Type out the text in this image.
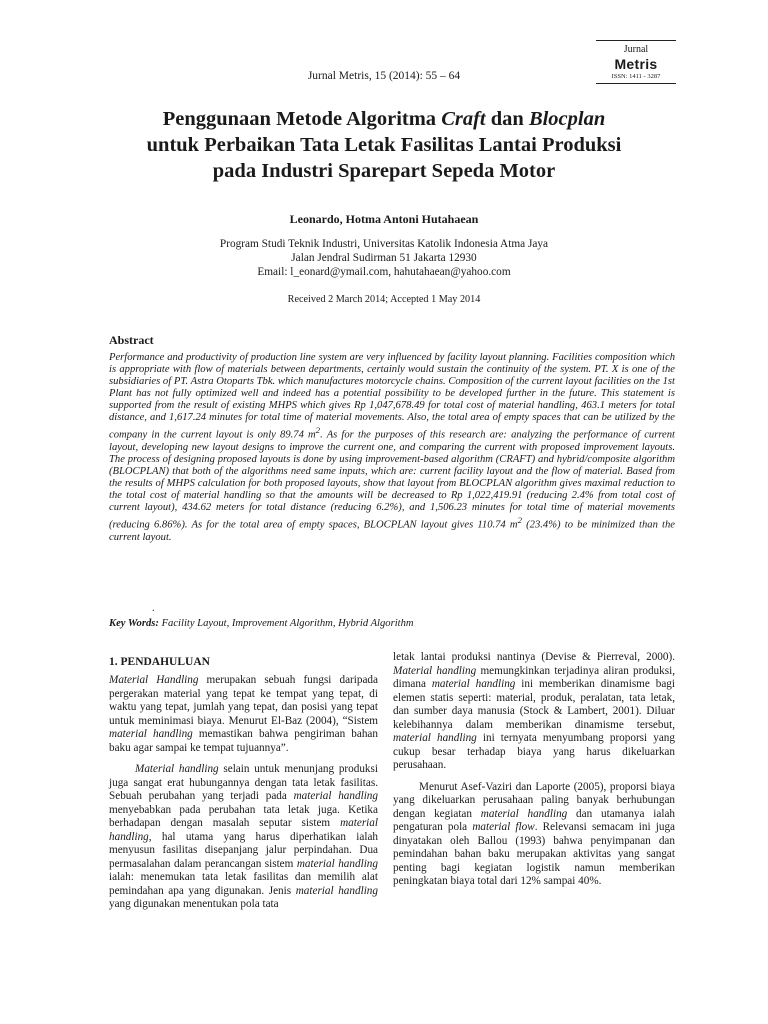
Jurnal
Metris
ISSN: 1411 - 3287
Jurnal Metris, 15 (2014): 55 – 64
Penggunaan Metode Algoritma Craft dan Blocplan
untuk Perbaikan Tata Letak Fasilitas Lantai Produksi
pada Industri Sparepart Sepeda Motor
Leonardo, Hotma Antoni Hutahaean
Program Studi Teknik Industri, Universitas Katolik Indonesia Atma Jaya
Jalan Jendral Sudirman 51 Jakarta 12930
Email: l_eonard@ymail.com, hahutahaean@yahoo.com
Received 2 March 2014; Accepted 1 May 2014
Abstract
Performance and productivity of production line system are very influenced by facility layout planning. Facilities composition which is appropriate with flow of materials between departments, certainly would sustain the continuity of the system. PT. X is one of the subsidiaries of PT. Astra Otoparts Tbk. which manufactures motorcycle chains. Composition of the current layout facilities on the 1st Plant has not fully optimized well and indeed has a potential possibility to be developed further in the future. This statement is supported from the result of existing MHPS which gives Rp 1,047,678.49 for total cost of material handling, 463.1 meters for total distance, and 1,617.24 minutes for total time of material movements. Also, the total area of empty spaces that can be utilized by the company in the current layout is only 89.74 $m^2$. As for the purposes of this research are: analyzing the performance of current layout, developing new layout designs to improve the current one, and comparing the current with proposed improvement layouts. The process of designing proposed layouts is done by using improvement-based algorithm (CRAFT) and hybrid/composite algorithm (BLOCPLAN) that both of the algorithms need same inputs, which are: current facility layout and the flow of material. Based from the results of MHPS calculation for both proposed layouts, show that layout from BLOCPLAN algorithm gives maximal reduction to the total cost of material handling so that the amounts will be decreased to Rp 1,022,419.91 (reducing 2.4% from total cost of current layout), 434.62 meters for total distance (reducing 6.2%), and 1,506.23 minutes for total time of material movements (reducing 6.86%). As for the total area of empty spaces, BLOCPLAN layout gives 110.74 $m^2$ (23.4%) to be minimized than the current layout.
.
Key Words: Facility Layout, Improvement Algorithm, Hybrid Algorithm
1. PENDAHULUAN

Material Handling merupakan sebuah fungsi daripada pergerakan material yang tepat ke tempat yang tepat, di waktu yang tepat, jumlah yang tepat, dan posisi yang tepat untuk meminimasi biaya. Menurut El-Baz (2004), “Sistem material handling memastikan bahwa pengiriman bahan baku agar sampai ke tempat tujuannya”.

Material handling selain untuk menunjang produksi juga sangat erat hubungannya dengan tata letak fasilitas. Sebuah perubahan yang terjadi pada material handling menyebabkan pada perubahan tata letak juga. Ketika berhadapan dengan masalah seputar sistem material handling, hal utama yang harus diperhatikan ialah menyusun fasilitas disepanjang jalur perpindahan. Dua permasalahan dalam perancangan sistem material handling ialah: menemukan tata letak fasilitas dan memilih alat pemindahan apa yang digunakan. Jenis material handling yang digunakan menentukan pola tata

letak lantai produksi nantinya (Devise & Pierreval, 2000). Material handling memungkinkan terjadinya aliran produksi, dimana material handling ini memberikan dinamisme bagi elemen statis seperti: material, produk, peralatan, tata letak, dan sumber daya manusia (Stock & Lambert, 2001). Diluar kelebihannya dalam memberikan dinamisme tersebut, material handling ini ternyata menyumbang proporsi yang cukup besar terhadap biaya yang harus dikeluarkan perusahaan.

Menurut Asef-Vaziri dan Laporte (2005), proporsi biaya yang dikeluarkan perusahaan paling banyak berhubungan dengan kegiatan material handling dan utamanya ialah pengaturan pola material flow. Relevansi semacam ini juga dinyatakan oleh Ballou (1993) bahwa penyimpanan dan pemindahan bahan baku merupakan aktivitas yang sangat penting bagi kegiatan logistik namun memberikan peningkatan biaya total dari 12% sampai 40%.
